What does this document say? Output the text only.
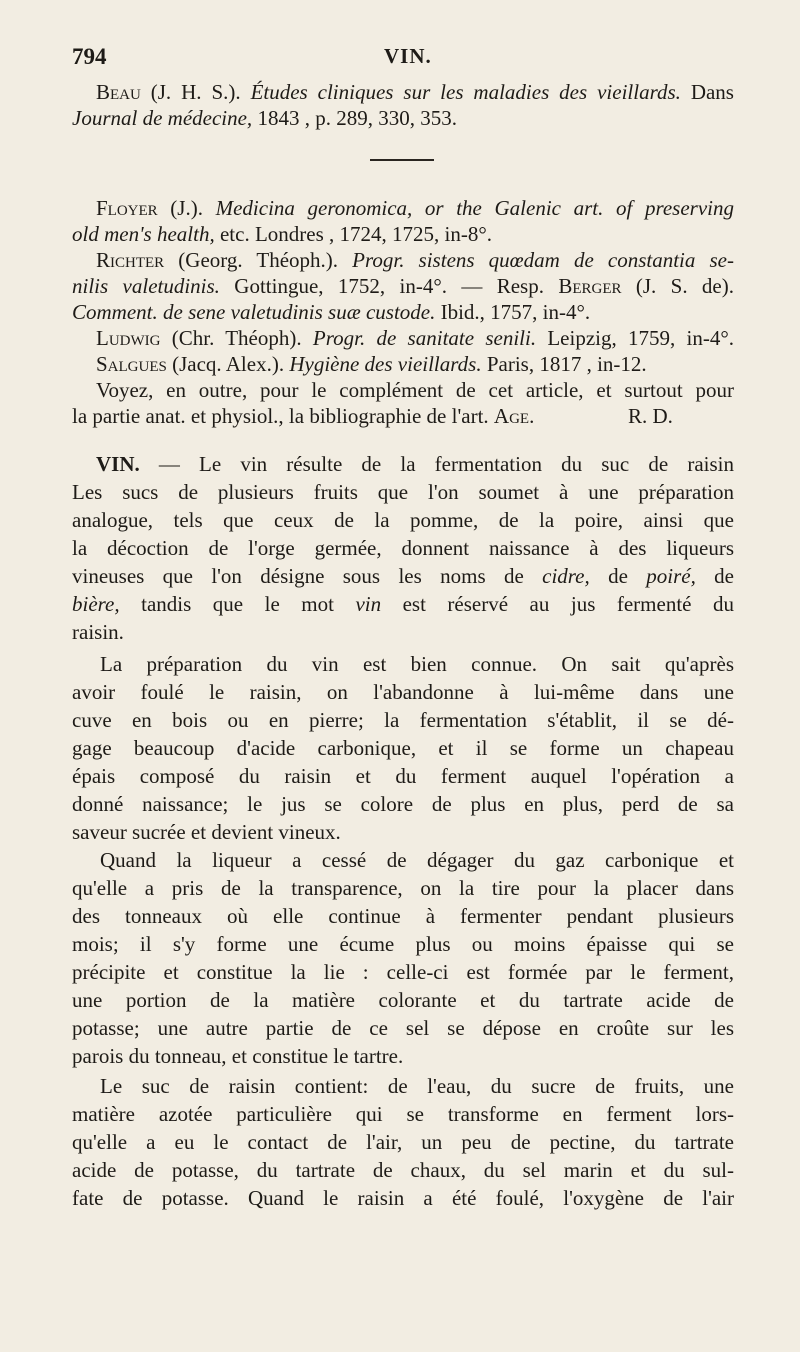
794	VIN.
Beau (J. H. S.). Études cliniques sur les maladies des vieillards. Dans
Journal de médecine, 1843 , p. 289, 330, 353.
Floyer (J.). Medicina geronomica, or the Galenic art. of preserving
old men's health, etc. Londres , 1724, 1725, in-8°.
Richter (Georg. Théoph.). Progr. sistens quœdam de constantia se-
nilis valetudinis. Gottingue, 1752, in-4°. — Resp. Berger (J. S. de).
Comment. de sene valetudinis suæ custode. Ibid., 1757, in-4°.
Ludwig (Chr. Théoph). Progr. de sanitate senili. Leipzig, 1759, in-4°.
Salgues (Jacq. Alex.). Hygiène des vieillards. Paris, 1817 , in-12.
Voyez, en outre, pour le complément de cet article, et surtout pour
la partie anat. et physiol., la bibliographie de l'art. Age.	R. D.
VIN. — Le vin résulte de la fermentation du suc de raisin
Les sucs de plusieurs fruits que l'on soumet à une préparation
analogue, tels que ceux de la pomme, de la poire, ainsi que
la décoction de l'orge germée, donnent naissance à des liqueurs
vineuses que l'on désigne sous les noms de cidre, de poiré, de
bière, tandis que le mot vin est réservé au jus fermenté du
raisin.
La préparation du vin est bien connue. On sait qu'après
avoir foulé le raisin, on l'abandonne à lui-même dans une
cuve en bois ou en pierre; la fermentation s'établit, il se dé-
gage beaucoup d'acide carbonique, et il se forme un chapeau
épais composé du raisin et du ferment auquel l'opération a
donné naissance; le jus se colore de plus en plus, perd de sa
saveur sucrée et devient vineux.
Quand la liqueur a cessé de dégager du gaz carbonique et
qu'elle a pris de la transparence, on la tire pour la placer dans
des tonneaux où elle continue à fermenter pendant plusieurs
mois; il s'y forme une écume plus ou moins épaisse qui se
précipite et constitue la lie : celle-ci est formée par le ferment,
une portion de la matière colorante et du tartrate acide de
potasse; une autre partie de ce sel se dépose en croûte sur les
parois du tonneau, et constitue le tartre.
Le suc de raisin contient: de l'eau, du sucre de fruits, une
matière azotée particulière qui se transforme en ferment lors-
qu'elle a eu le contact de l'air, un peu de pectine, du tartrate
acide de potasse, du tartrate de chaux, du sel marin et du sul-
fate de potasse. Quand le raisin a été foulé, l'oxygène de l'air
